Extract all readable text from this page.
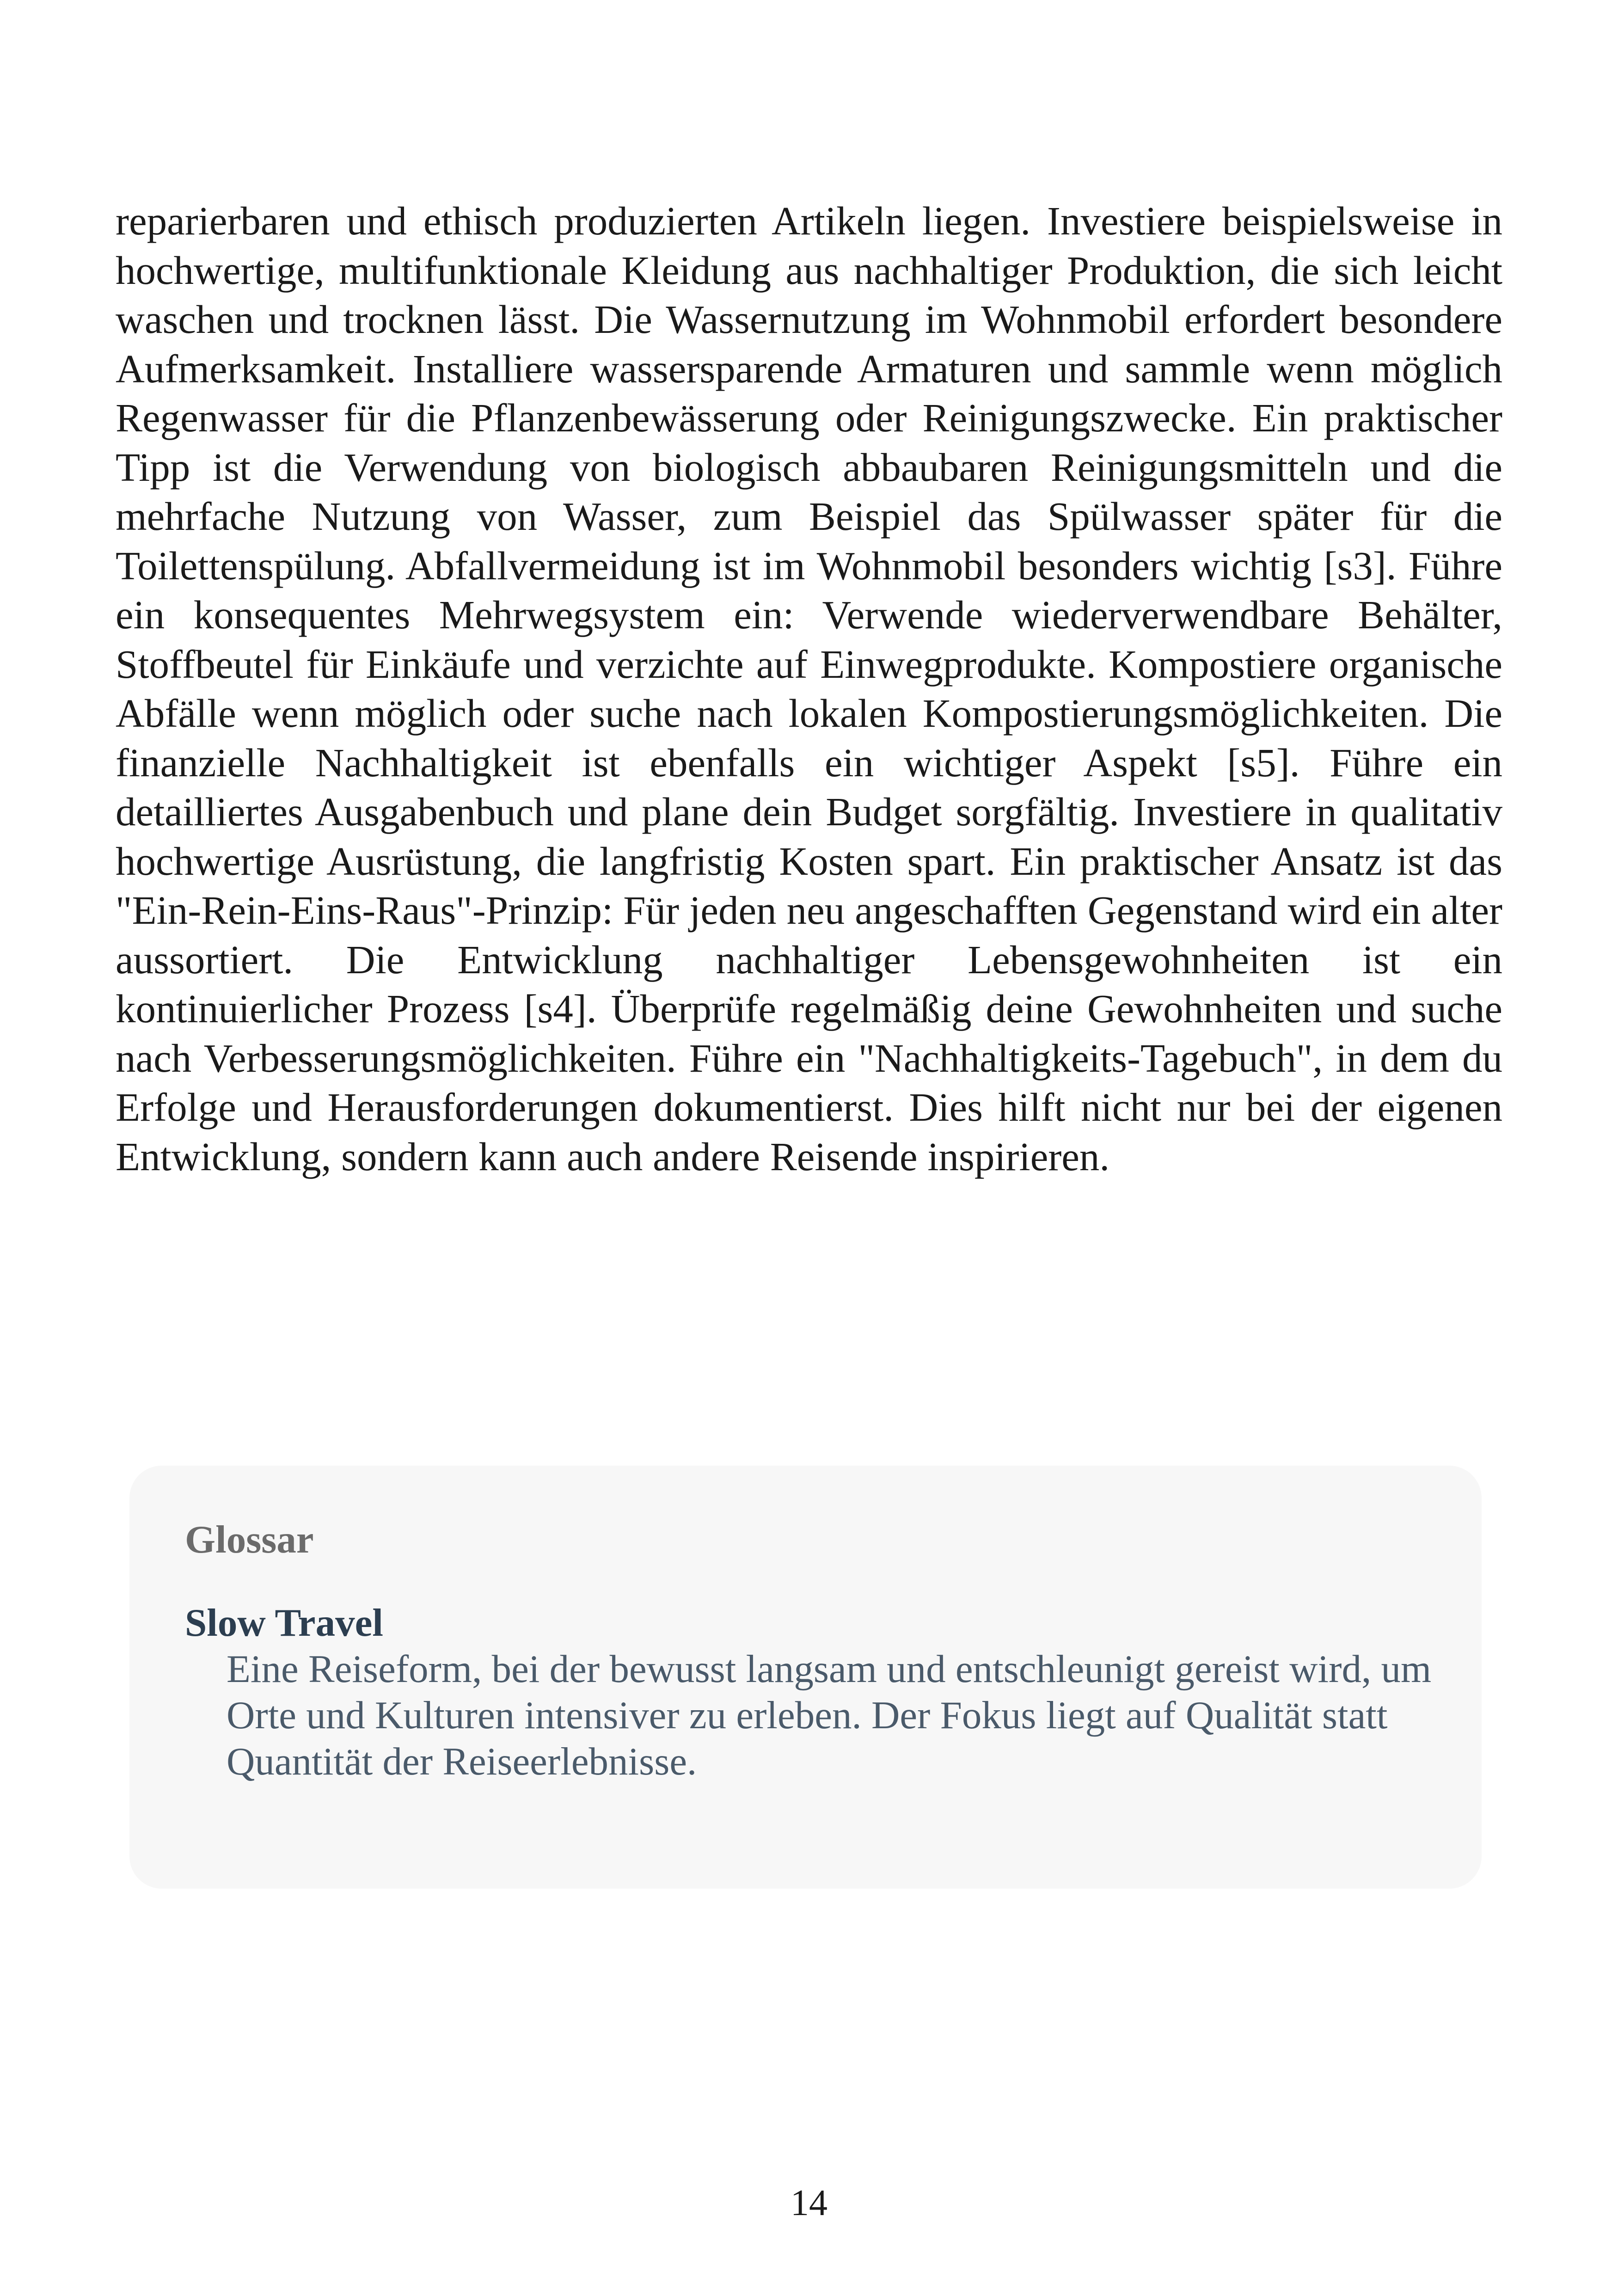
reparierbaren und ethisch produzierten Artikeln liegen. Investiere beispielsweise in hochwertige, multifunktionale Kleidung aus nachhaltiger Produktion, die sich leicht waschen und trocknen lässt. Die Wassernutzung im Wohnmobil erfordert besondere Aufmerksamkeit. Installiere wassersparende Armaturen und sammle wenn möglich Regenwasser für die Pflanzenbewässerung oder Reinigungszwecke. Ein praktischer Tipp ist die Verwendung von biologisch abbaubaren Reinigungsmitteln und die mehrfache Nutzung von Wasser, zum Beispiel das Spülwasser später für die Toilettenspülung. Abfallvermeidung ist im Wohnmobil besonders wichtig [s3]. Führe ein konsequentes Mehrwegsystem ein: Verwende wiederverwendbare Behälter, Stoffbeutel für Einkäufe und verzichte auf Einwegprodukte. Kompostiere organische Abfälle wenn möglich oder suche nach lokalen Kompostierungsmöglichkeiten. Die finanzielle Nachhaltigkeit ist ebenfalls ein wichtiger Aspekt [s5]. Führe ein detailliertes Ausgabenbuch und plane dein Budget sorgfältig. Investiere in qualitativ hochwertige Ausrüstung, die langfristig Kosten spart. Ein praktischer Ansatz ist das "Ein-Rein-Eins-Raus"-Prinzip: Für jeden neu angeschafften Gegenstand wird ein alter aussortiert. Die Entwicklung nachhaltiger Lebensgewohnheiten ist ein kontinuierlicher Prozess [s4]. Überprüfe regelmäßig deine Gewohnheiten und suche nach Verbesserungsmöglichkeiten. Führe ein "Nachhaltigkeits-Tagebuch", in dem du Erfolge und Herausforderungen dokumentierst. Dies hilft nicht nur bei der eigenen Entwicklung, sondern kann auch andere Reisende inspirieren.

Glossar

Slow Travel

Eine Reiseform, bei der bewusst langsam und entschleunigt gereist wird, um Orte und Kulturen intensiver zu erleben. Der Fokus liegt auf Qualität statt Quantität der Reiseerlebnisse.

14
